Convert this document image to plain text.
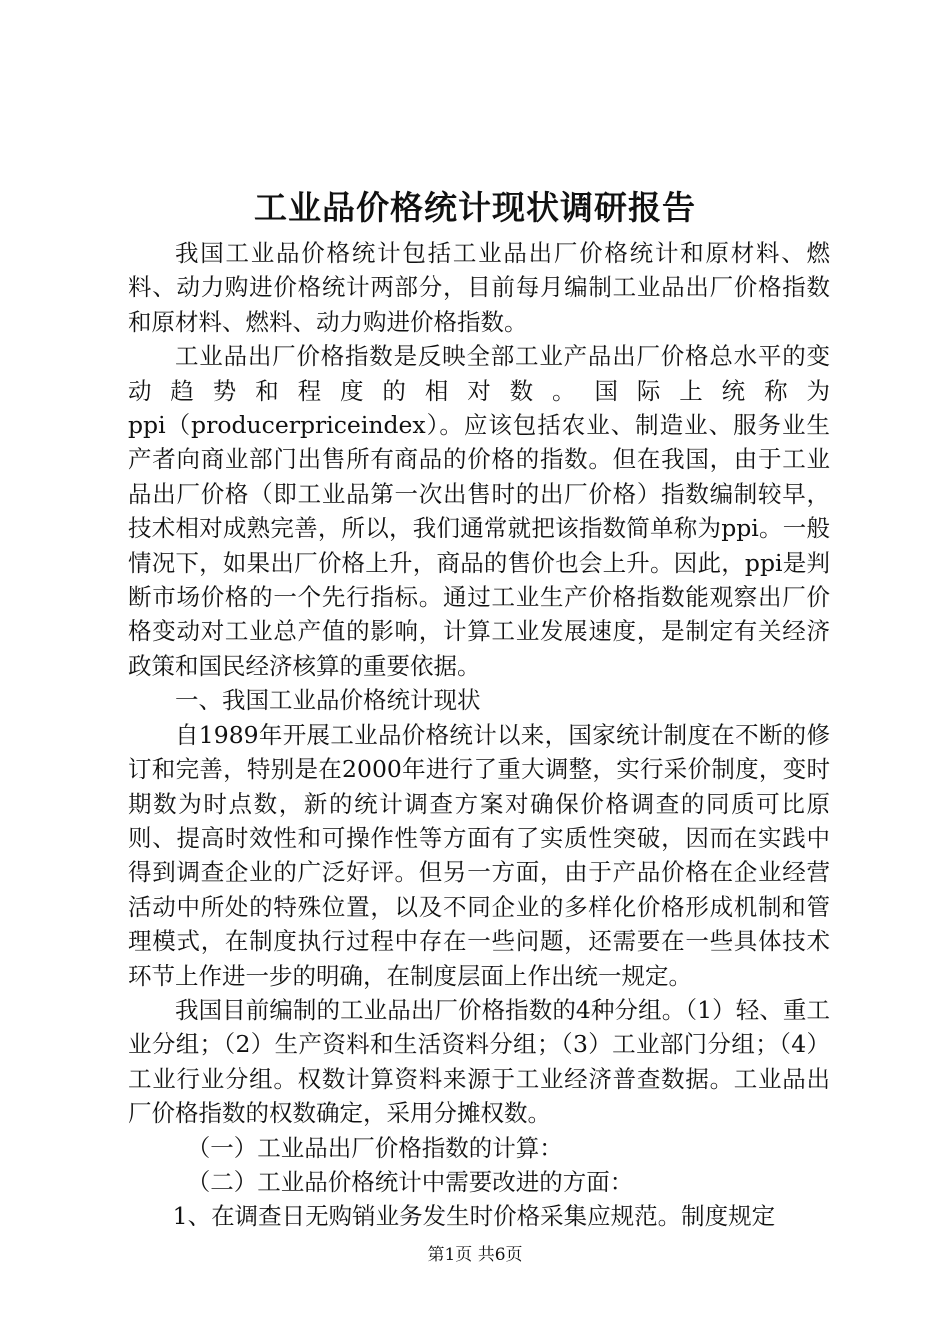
工业品价格统计现状调研报告

我国工业品价格统计包括工业品出厂价格统计和原材料、燃料、动力购进价格统计两部分，目前每月编制工业品出厂价格指数和原材料、燃料、动力购进价格指数。

工业品出厂价格指数是反映全部工业产品出厂价格总水平的变动趋势和程度的相对数。国际上统称为

ppi（producerpriceindex）。应该包括农业、制造业、服务业生产者向商业部门出售所有商品的价格的指数。但在我国，由于工业品出厂价格（即工业品第一次出售时的出厂价格）指数编制较早，技术相对成熟完善，所以，我们通常就把该指数简单称为ppi。一般情况下，如果出厂价格上升，商品的售价也会上升。因此，ppi是判断市场价格的一个先行指标。通过工业生产价格指数能观察出厂价格变动对工业总产值的影响，计算工业发展速度，是制定有关经济政策和国民经济核算的重要依据。

一、我国工业品价格统计现状

自1989年开展工业品价格统计以来，国家统计制度在不断的修订和完善，特别是在2000年进行了重大调整，实行采价制度，变时期数为时点数，新的统计调查方案对确保价格调查的同质可比原则、提高时效性和可操作性等方面有了实质性突破，因而在实践中得到调查企业的广泛好评。但另一方面，由于产品价格在企业经营活动中所处的特殊位置，以及不同企业的多样化价格形成机制和管理模式，在制度执行过程中存在一些问题，还需要在一些具体技术环节上作进一步的明确，在制度层面上作出统一规定。

我国目前编制的工业品出厂价格指数的4种分组。（1）轻、重工业分组；（2）生产资料和生活资料分组；（3）工业部门分组；（4）工业行业分组。权数计算资料来源于工业经济普查数据。工业品出厂价格指数的权数确定，采用分摊权数。

（一）工业品出厂价格指数的计算：

（二）工业品价格统计中需要改进的方面：

1、在调查日无购销业务发生时价格采集应规范。制度规定

第1页 共6页
